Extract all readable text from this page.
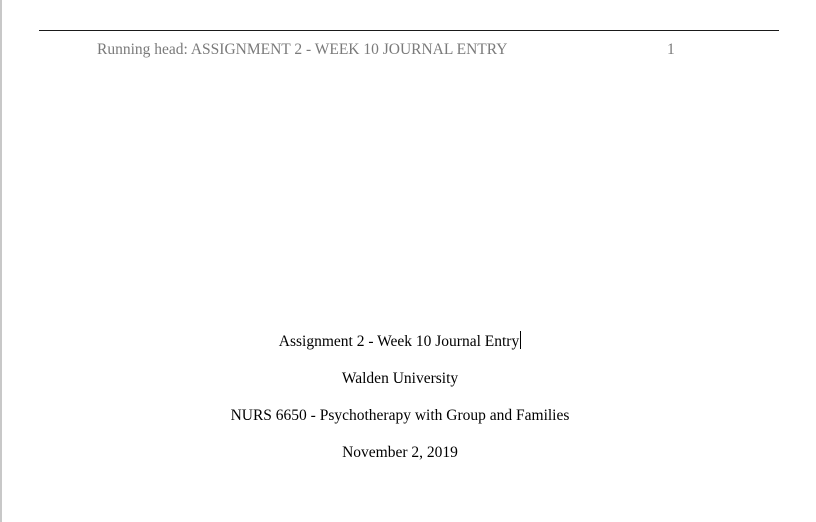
Running head: ASSIGNMENT 2 - WEEK 10 JOURNAL ENTRY	1
Assignment 2 - Week 10 Journal Entry
Walden University
NURS 6650 - Psychotherapy with Group and Families
November 2, 2019
